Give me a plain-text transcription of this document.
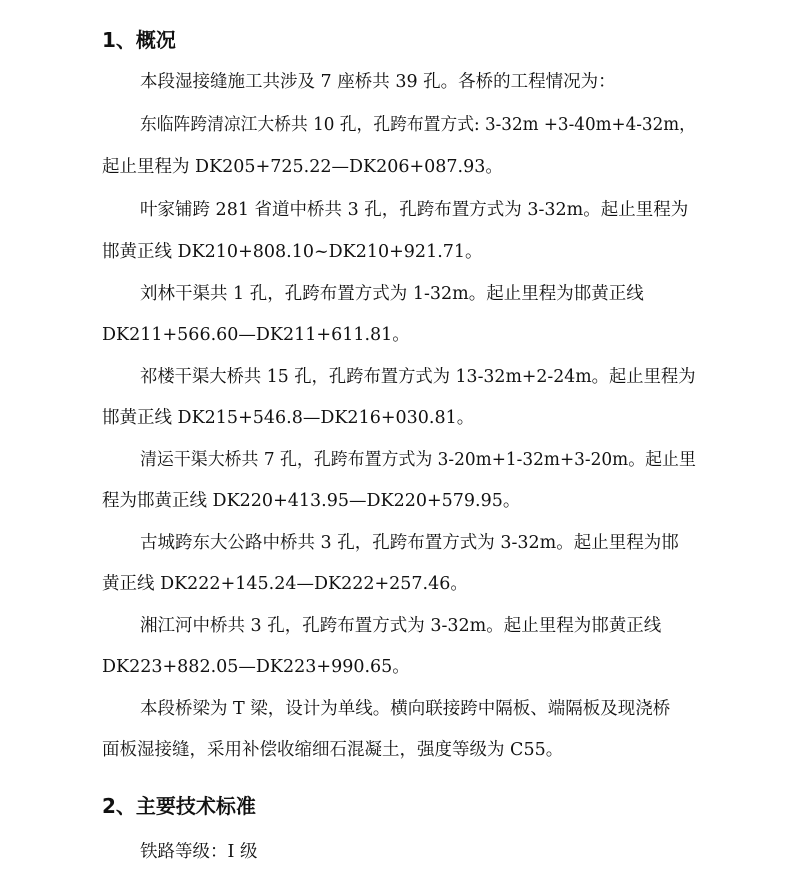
1、概况
本段湿接缝施工共涉及 7 座桥共 39 孔。各桥的工程情况为：
东临阵跨清凉江大桥共 10 孔，孔跨布置方式: 3-32m +3-40m+4-32m，
起止里程为 DK205+725.22—DK206+087.93。
叶家铺跨 281 省道中桥共 3 孔，孔跨布置方式为 3-32m。起止里程为
邯黄正线 DK210+808.10~DK210+921.71。
刘林干渠共 1 孔，孔跨布置方式为 1-32m。起止里程为邯黄正线
DK211+566.60—DK211+611.81。
祁楼干渠大桥共 15 孔，孔跨布置方式为 13-32m+2-24m。起止里程为
邯黄正线 DK215+546.8—DK216+030.81。
清运干渠大桥共 7 孔，孔跨布置方式为 3-20m+1-32m+3-20m。起止里
程为邯黄正线 DK220+413.95—DK220+579.95。
古城跨东大公路中桥共 3 孔，孔跨布置方式为 3-32m。起止里程为邯
黄正线 DK222+145.24—DK222+257.46。
湘江河中桥共 3 孔，孔跨布置方式为 3-32m。起止里程为邯黄正线
DK223+882.05—DK223+990.65。
本段桥梁为 T 梁，设计为单线。横向联接跨中隔板、端隔板及现浇桥
面板湿接缝，采用补偿收缩细石混凝土，强度等级为 C55。
2、主要技术标准
铁路等级：I 级
